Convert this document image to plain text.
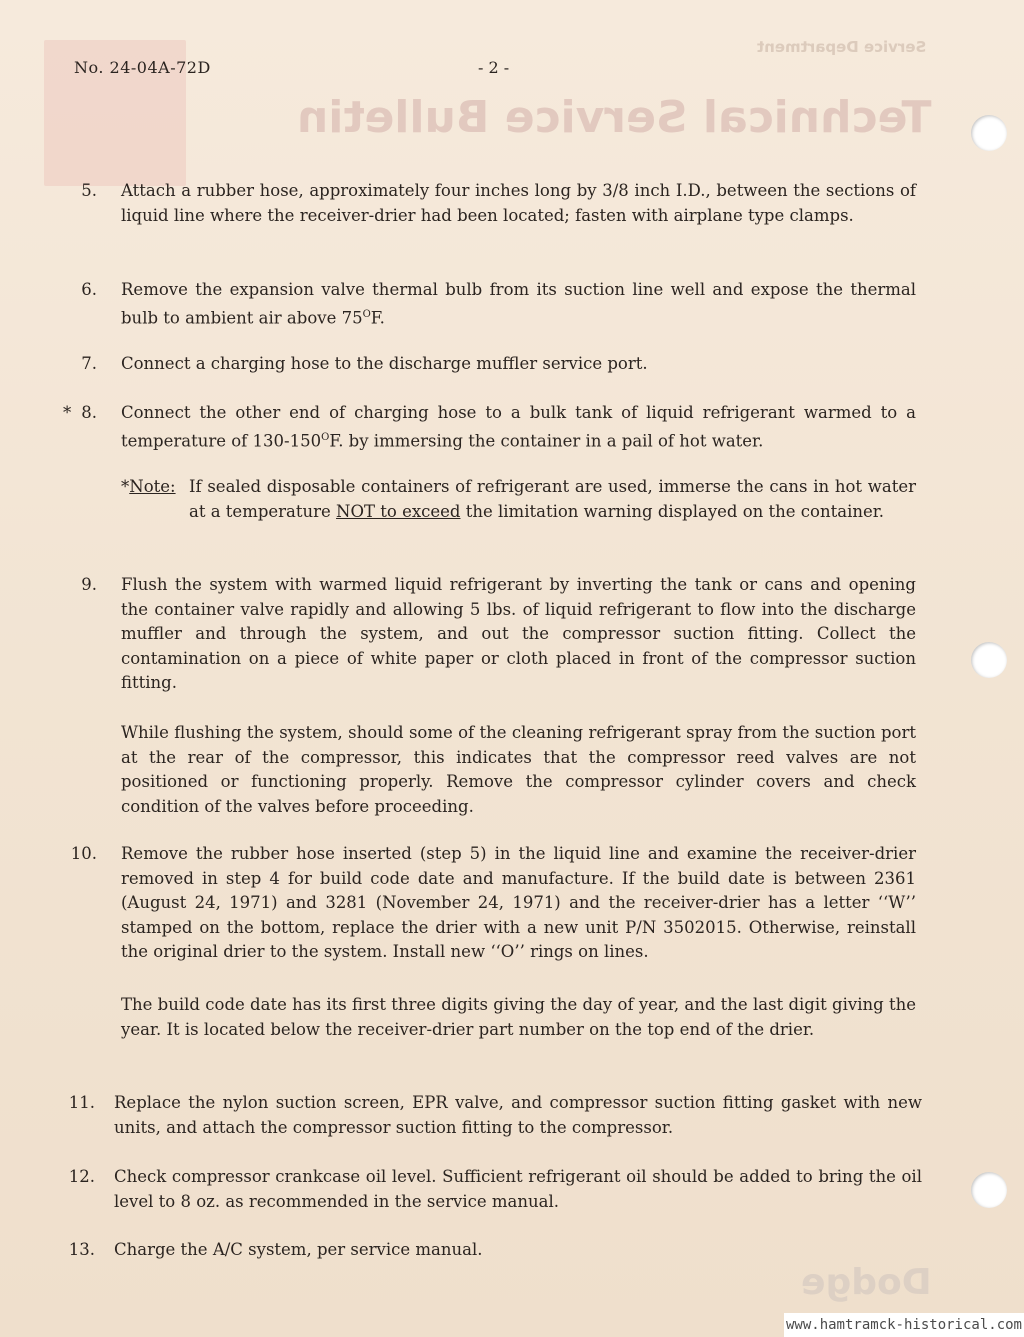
Service Department
Technical Service Bulletin
Dodge
No. 24-04A-72D	- 2 -
5. Attach a rubber hose, approximately four inches long by 3/8 inch I.D., between the sections of liquid line where the receiver-drier had been located; fasten with airplane type clamps.
6. Remove the expansion valve thermal bulb from its suction line well and expose the thermal bulb to ambient air above $75^OF$.
7. Connect a charging hose to the discharge muffler service port.
* 8. Connect the other end of charging hose to a bulk tank of liquid refrigerant warmed to a temperature of $130-150^OF$. by immersing the container in a pail of hot water.
*Note: If sealed disposable containers of refrigerant are used, immerse the cans in hot water at a temperature NOT to exceed the limitation warning displayed on the container.
9. Flush the system with warmed liquid refrigerant by inverting the tank or cans and opening the container valve rapidly and allowing 5 lbs. of liquid refrigerant to flow into the discharge muffler and through the system, and out the compressor suction fitting. Collect the contamination on a piece of white paper or cloth placed in front of the compressor suction fitting.
While flushing the system, should some of the cleaning refrigerant spray from the suction port at the rear of the compressor, this indicates that the compressor reed valves are not positioned or functioning properly. Remove the compressor cylinder covers and check condition of the valves before proceeding.
10. Remove the rubber hose inserted (step 5) in the liquid line and examine the receiver-drier removed in step 4 for build code date and manufacture. If the build date is between 2361 (August 24, 1971) and 3281 (November 24, 1971) and the receiver-drier has a letter ‘‘W’’ stamped on the bottom, replace the drier with a new unit P/N 3502015. Otherwise, reinstall the original drier to the system. Install new ‘‘O’’ rings on lines.
The build code date has its first three digits giving the day of year, and the last digit giving the year. It is located below the receiver-drier part number on the top end of the drier.
11. Replace the nylon suction screen, EPR valve, and compressor suction fitting gasket with new units, and attach the compressor suction fitting to the compressor.
12. Check compressor crankcase oil level. Sufficient refrigerant oil should be added to bring the oil level to 8 oz. as recommended in the service manual.
13. Charge the A/C system, per service manual.
www.hamtramck-historical.com
